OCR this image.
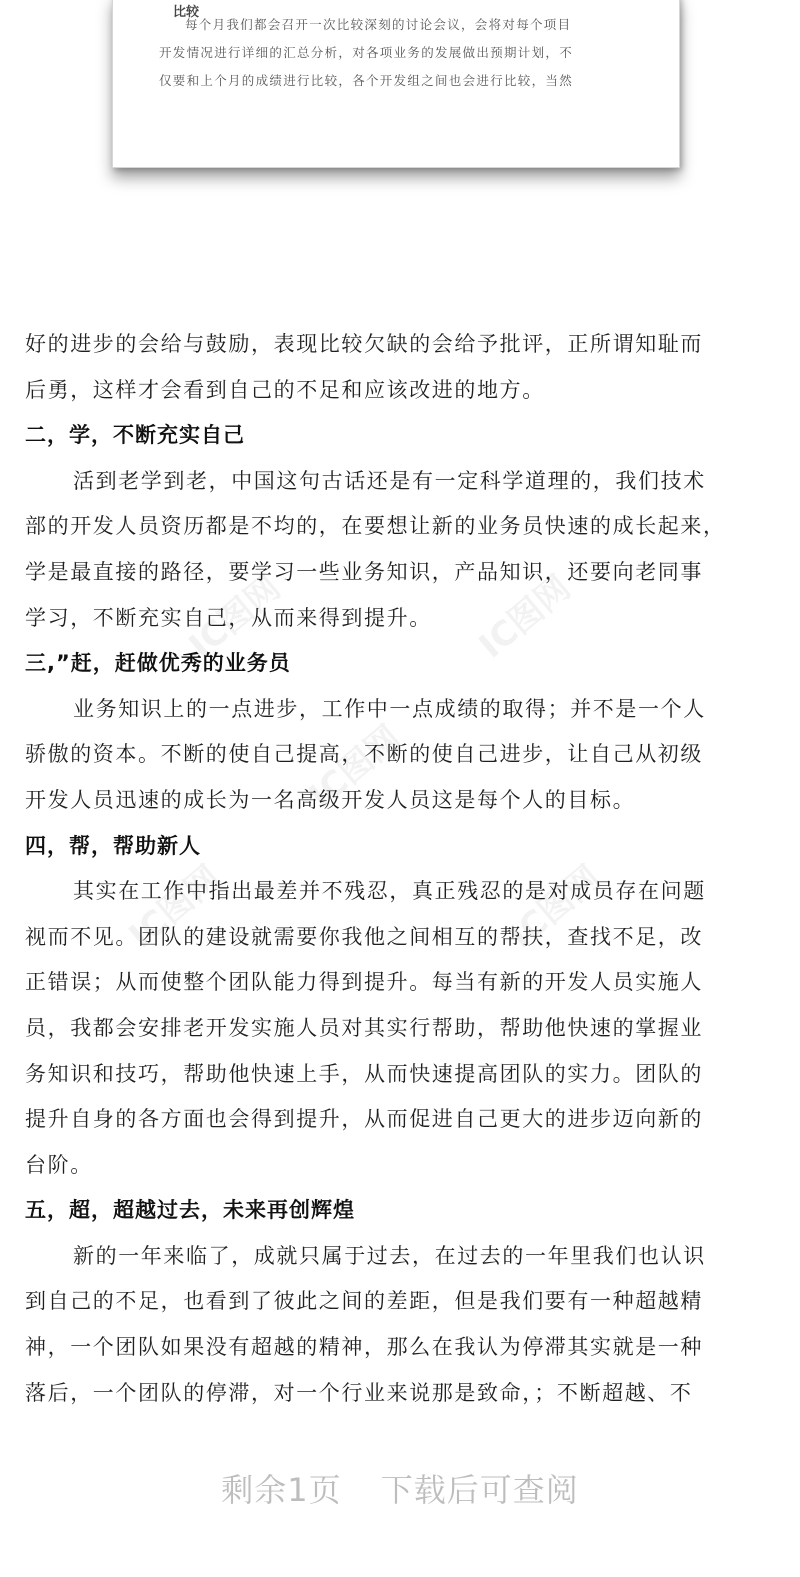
比较
每个月我们都会召开一次比较深刻的讨论会议，会将对每个项目
开发情况进行详细的汇总分析，对各项业务的发展做出预期计划，不
仅要和上个月的成绩进行比较，各个开发组之间也会进行比较，当然
IC图网	IC图网
IC图网
IC图网	IC图网
好的进步的会给与鼓励，表现比较欠缺的会给予批评，正所谓知耻而
后勇，这样才会看到自己的不足和应该改进的地方。
二，学，不断充实自己
活到老学到老，中国这句古话还是有一定科学道理的，我们技术
部的开发人员资历都是不均的，在要想让新的业务员快速的成长起来，
学是最直接的路径，要学习一些业务知识，产品知识，还要向老同事
学习，不断充实自己，从而来得到提升。
三,”赶，赶做优秀的业务员
业务知识上的一点进步，工作中一点成绩的取得；并不是一个人
骄傲的资本。不断的使自己提高，不断的使自己进步，让自己从初级
开发人员迅速的成长为一名高级开发人员这是每个人的目标。
四，帮，帮助新人
其实在工作中指出最差并不残忍，真正残忍的是对成员存在问题
视而不见。团队的建设就需要你我他之间相互的帮扶，查找不足，改
正错误；从而使整个团队能力得到提升。每当有新的开发人员实施人
员，我都会安排老开发实施人员对其实行帮助，帮助他快速的掌握业
务知识和技巧，帮助他快速上手，从而快速提高团队的实力。团队的
提升自身的各方面也会得到提升，从而促进自己更大的进步迈向新的
台阶。
五，超，超越过去，未来再创辉煌
新的一年来临了，成就只属于过去，在过去的一年里我们也认识
到自己的不足，也看到了彼此之间的差距，但是我们要有一种超越精
神，一个团队如果没有超越的精神，那么在我认为停滞其实就是一种
落后，一个团队的停滞，对一个行业来说那是致命，；不断超越、不
剩余1页 下载后可查阅
